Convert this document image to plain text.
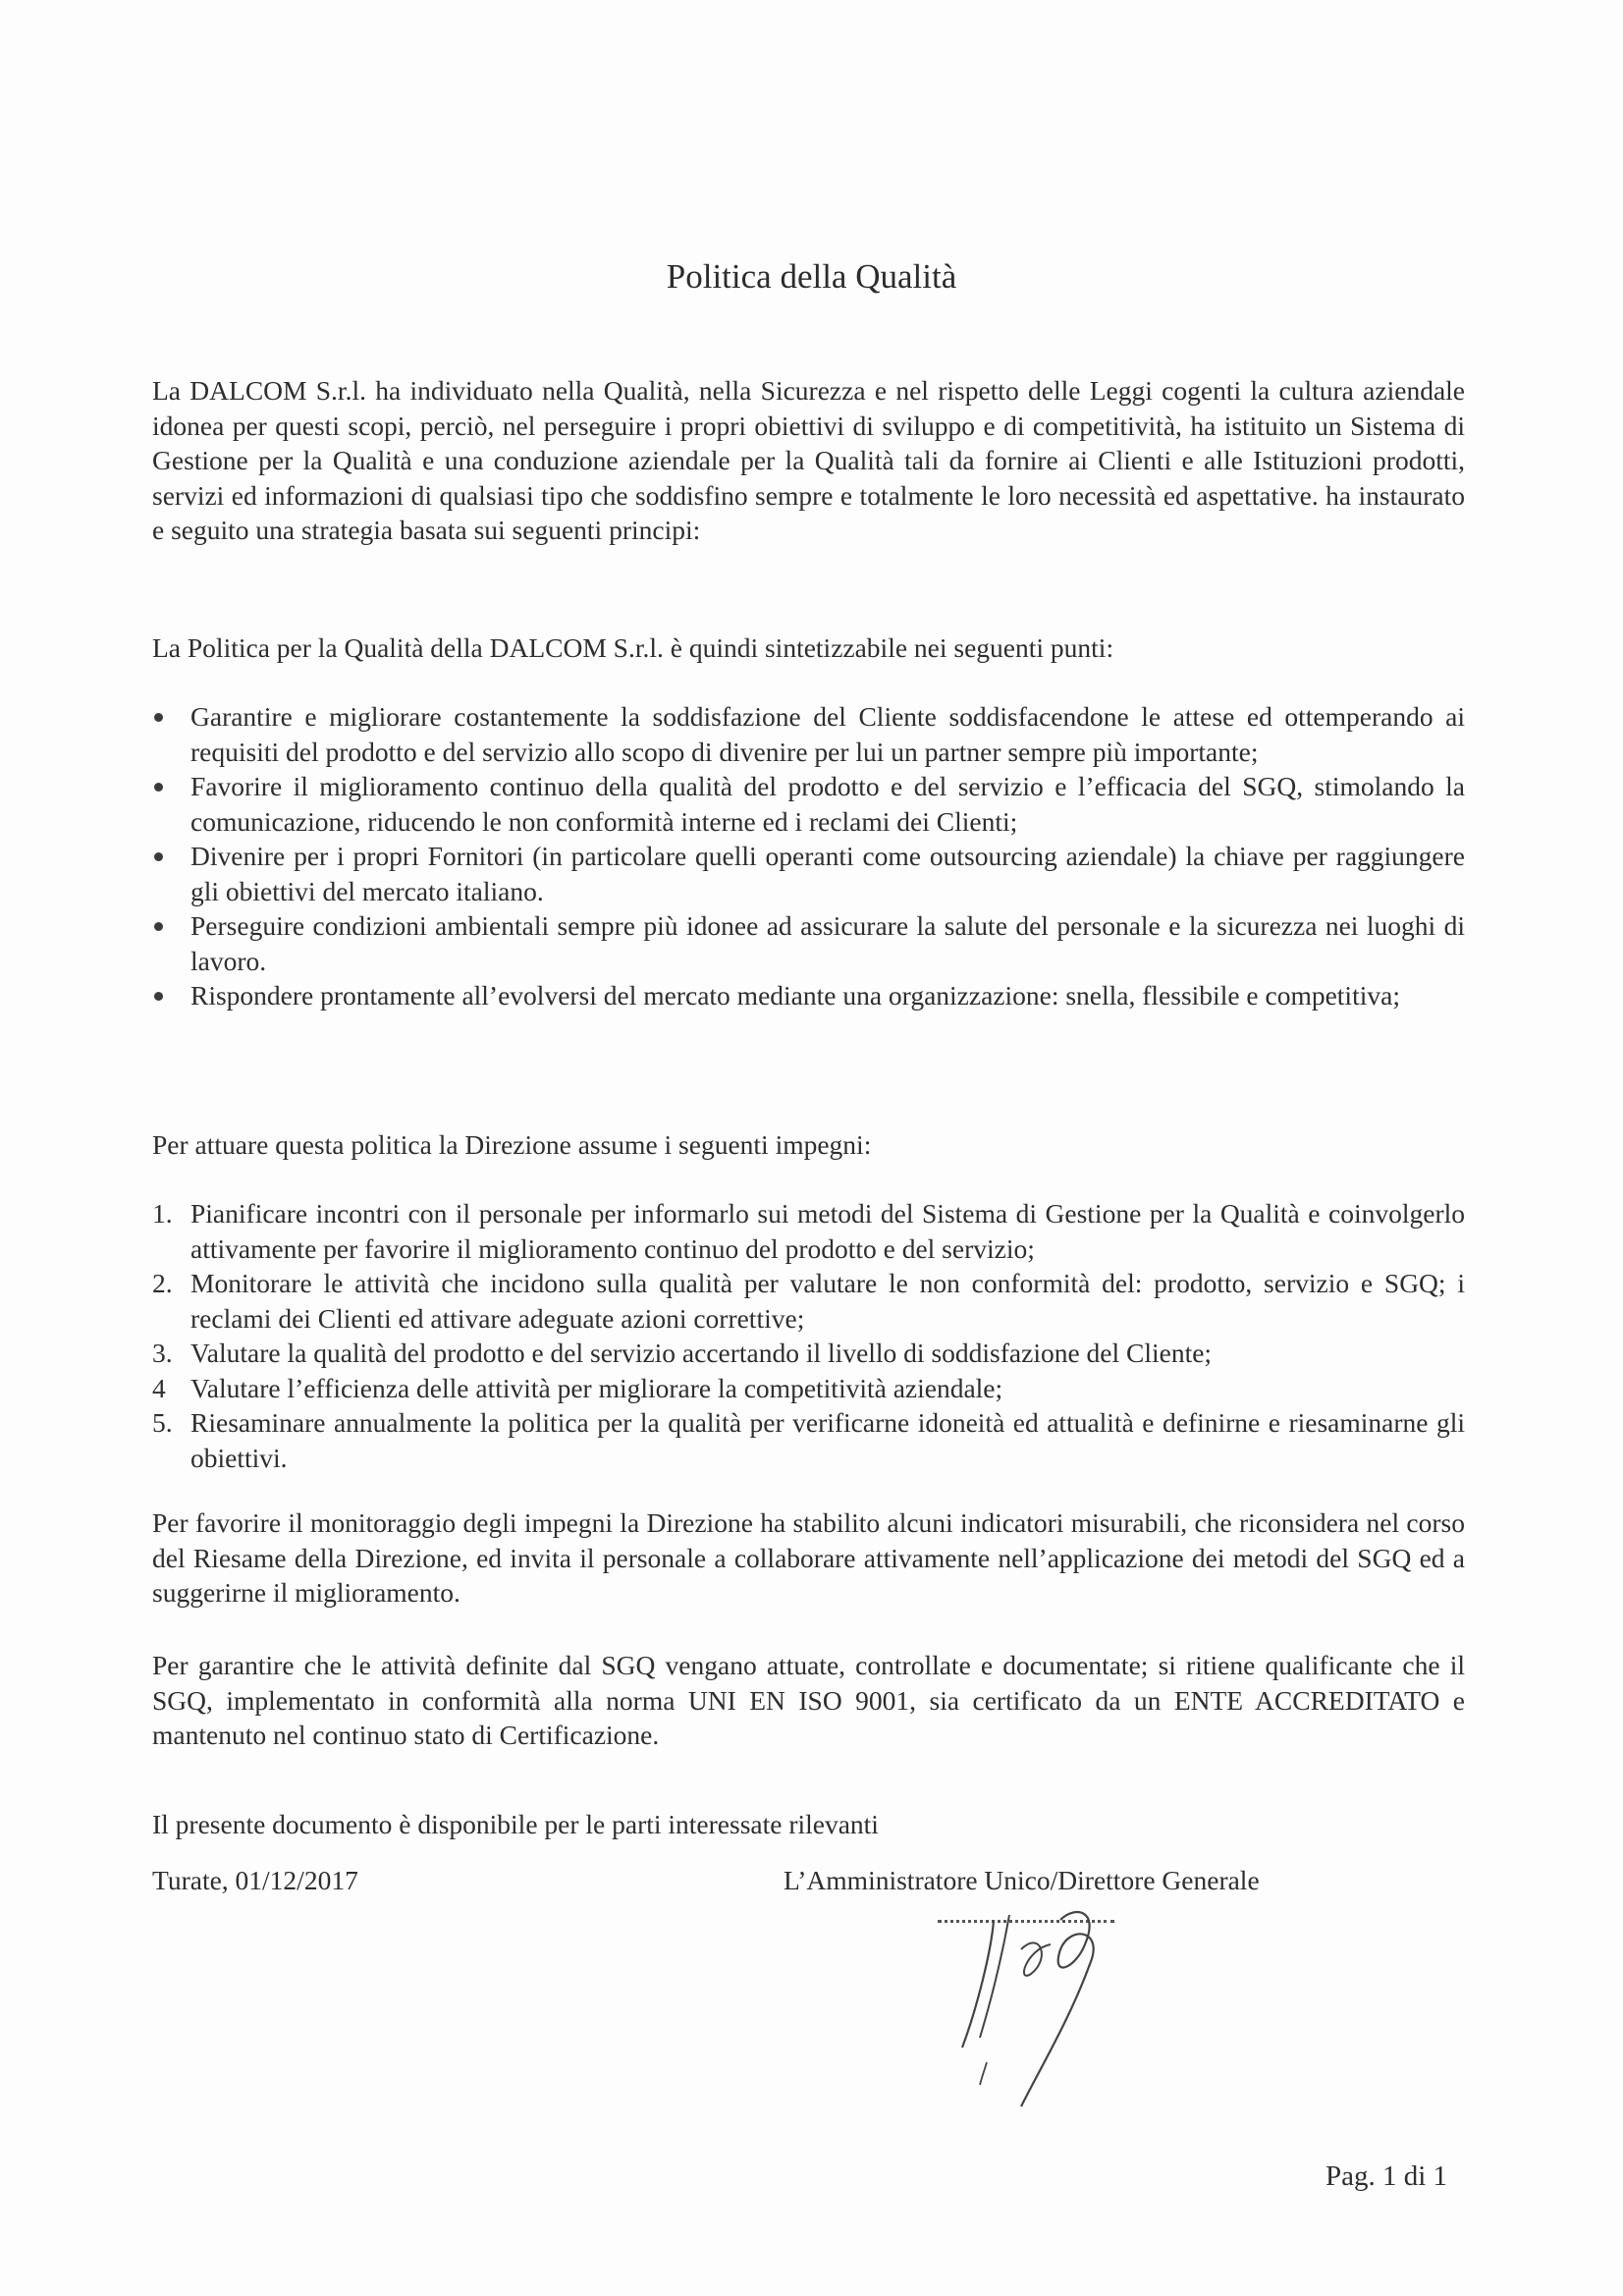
Politica della Qualità
La DALCOM S.r.l. ha individuato nella Qualità, nella Sicurezza e nel rispetto delle Leggi cogenti la cultura aziendale idonea per questi scopi, perciò, nel perseguire i propri obiettivi di sviluppo e di competitività, ha istituito un Sistema di Gestione per la Qualità e una conduzione aziendale per la Qualità tali da fornire ai Clienti e alle Istituzioni prodotti, servizi ed informazioni di qualsiasi tipo che soddisfino sempre e totalmente le loro necessità ed aspettative. ha instaurato e seguito una strategia basata sui seguenti principi:
La Politica per la Qualità della DALCOM S.r.l. è quindi sintetizzabile nei seguenti punti:
Garantire e migliorare costantemente la soddisfazione del Cliente soddisfacendone le attese ed ottemperando ai requisiti del prodotto e del servizio allo scopo di divenire per lui un partner sempre più importante;
Favorire il miglioramento continuo della qualità del prodotto e del servizio e l’efficacia del SGQ, stimolando la comunicazione, riducendo le non conformità interne ed i reclami dei Clienti;
Divenire per i propri Fornitori (in particolare quelli operanti come outsourcing aziendale) la chiave per raggiungere gli obiettivi del mercato italiano.
Perseguire condizioni ambientali sempre più idonee ad assicurare la salute del personale e la sicurezza nei luoghi di lavoro.
Rispondere prontamente all’evolversi del mercato mediante una organizzazione: snella, flessibile e competitiva;
Per attuare questa politica la Direzione assume i seguenti impegni:
1. Pianificare incontri con il personale per informarlo sui metodi del Sistema di Gestione per la Qualità e coinvolgerlo attivamente per favorire il miglioramento continuo del prodotto e del servizio;
2. Monitorare le attività che incidono sulla qualità per valutare le non conformità del: prodotto, servizio e SGQ; i reclami dei Clienti ed attivare adeguate azioni correttive;
3. Valutare la qualità del prodotto e del servizio accertando il livello di soddisfazione del Cliente;
4 Valutare l’efficienza delle attività per migliorare la competitività aziendale;
5. Riesaminare annualmente la politica per la qualità per verificarne idoneità ed attualità e definirne e riesaminarne gli obiettivi.
Per favorire il monitoraggio degli impegni la Direzione ha stabilito alcuni indicatori misurabili, che riconsidera nel corso del Riesame della Direzione, ed invita il personale a collaborare attivamente nell’applicazione dei metodi del SGQ ed a suggerirne il miglioramento.
Per garantire che le attività definite dal SGQ vengano attuate, controllate e documentate; si ritiene qualificante che il SGQ, implementato in conformità alla norma UNI EN ISO 9001, sia certificato da un ENTE ACCREDITATO e mantenuto nel continuo stato di Certificazione.
Il presente documento è disponibile per le parti interessate rilevanti
Turate, 01/12/2017	L’Amministratore Unico/Direttore Generale
Pag. 1 di 1
